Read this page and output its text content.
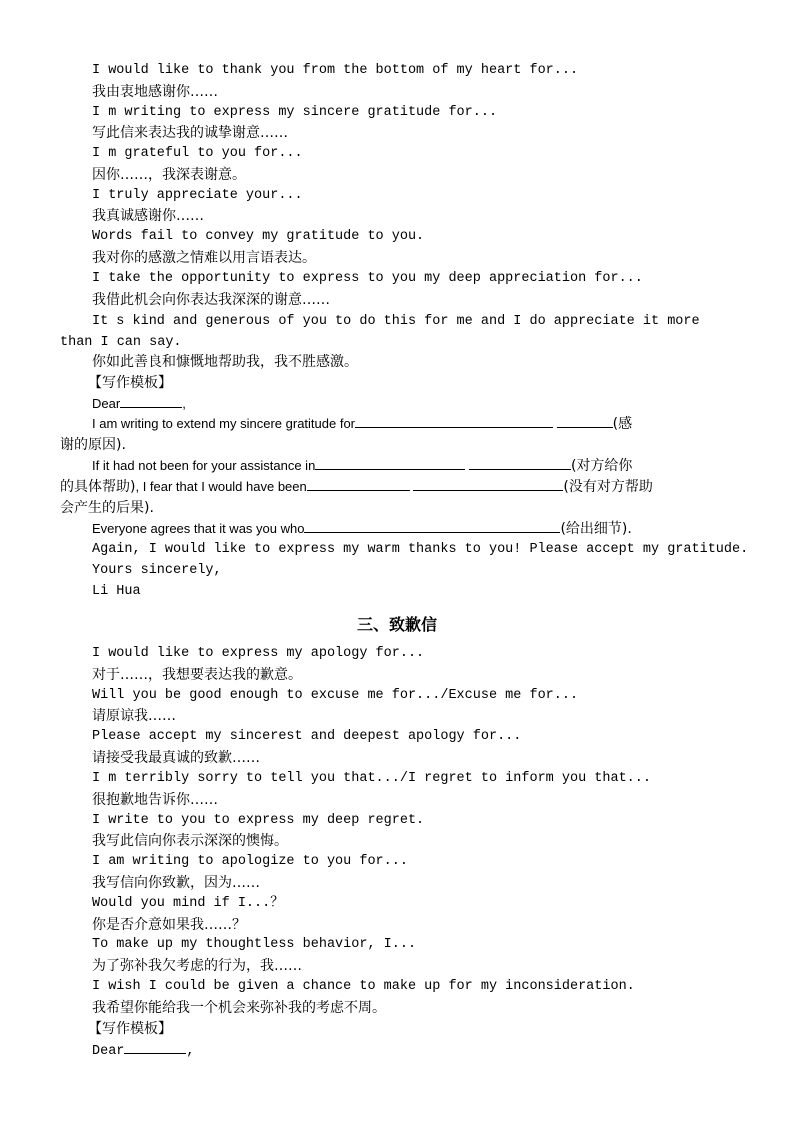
I would like to thank you from the bottom of my heart for...
我由衷地感谢你……
I m writing to express my sincere gratitude for...
写此信来表达我的诚挚谢意……
I m grateful to you for...
因你……，我深表谢意。
I truly appreciate your...
我真诚感谢你……
Words fail to convey my gratitude to you.
我对你的感激之情难以用言语表达。
I take the opportunity to express to you my deep appreciation for...
我借此机会向你表达我深深的谢意……
It s kind and generous of you to do this for me and I do appreciate it more than I can say.
你如此善良和慷慨地帮助我，我不胜感激。
【写作模板】
Dear	,
I am writing to extend my sincere gratitude for	(感
谢的原因).
If it had not been for your assistance in	(对方给你
的具体帮助), I fear that I would have been	(没有对方帮助
会产生的后果).
Everyone agrees that it was you who	(给出细节).
Again, I would like to express my warm thanks to you! Please accept my gratitude.
Yours sincerely,
Li Hua
三、致歉信
I would like to express my apology for...
对于……，我想要表达我的歉意。
Will you be good enough to excuse me for.../Excuse me for...
请原谅我……
Please accept my sincerest and deepest apology for...
请接受我最真诚的致歉……
I m terribly sorry to tell you that.../I regret to inform you that...
很抱歉地告诉你……
I write to you to express my deep regret.
我写此信向你表示深深的懊悔。
I am writing to apologize to you for...
我写信向你致歉，因为……
Would you mind if I...？
你是否介意如果我……？
To make up my thoughtless behavior, I...
为了弥补我欠考虑的行为，我……
I wish I could be given a chance to make up for my inconsideration.
我希望你能给我一个机会来弥补我的考虑不周。
【写作模板】
Dear	,
